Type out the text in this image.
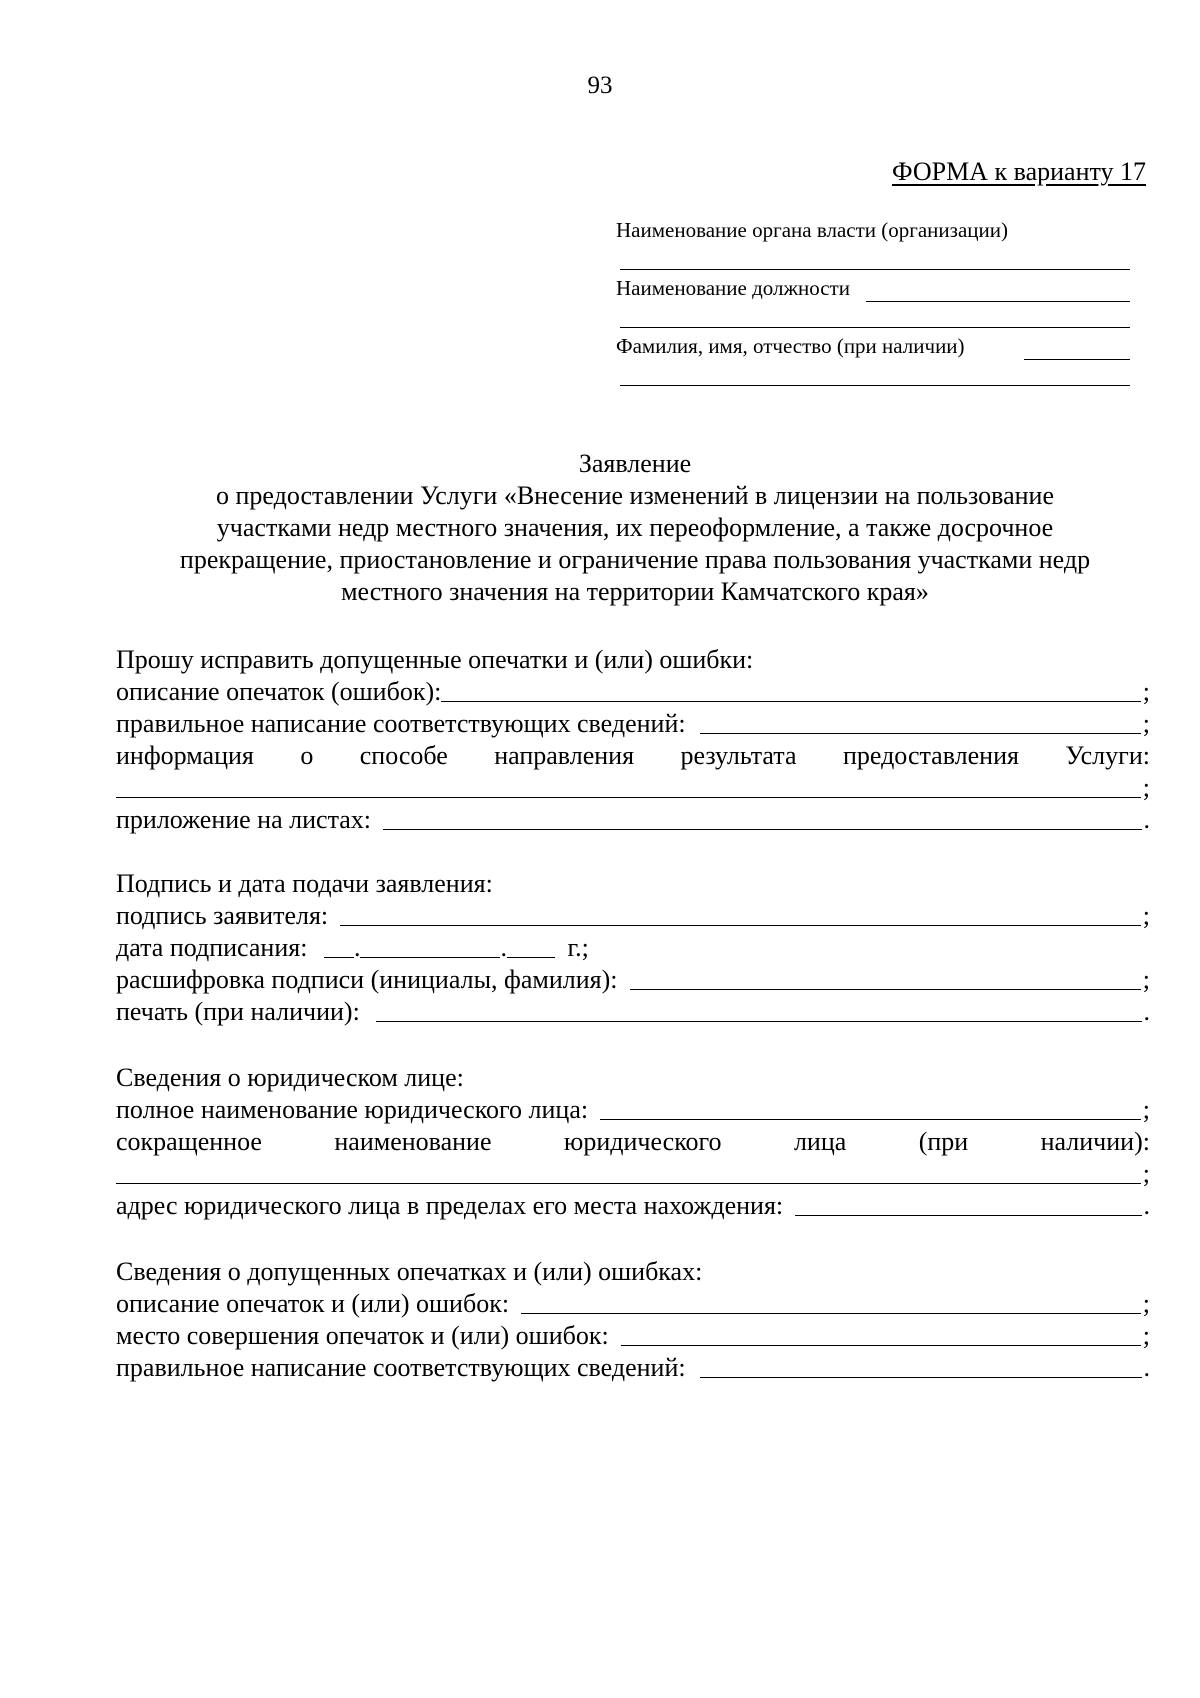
93
ФОРМА к варианту 17
Наименование органа власти (организации)
Наименование должности
Фамилия, имя, отчество (при наличии)
Заявление
о предоставлении Услуги «Внесение изменений в лицензии на пользование
участками недр местного значения, их переоформление, а также досрочное
прекращение, приостановление и ограничение права пользования участками недр
местного значения на территории Камчатского края»
Прошу исправить допущенные опечатки и (или) ошибки:
описание опечаток (ошибок):	;
правильное написание соответствующих сведений:	;
информация о способе направления результата предоставления Услуги:
;
приложение на листах:	.
Подпись и дата подачи заявления:
подпись заявителя:	;
дата подписания: .	. г.;
расшифровка подписи (инициалы, фамилия):	;
печать (при наличии):	.
Сведения о юридическом лице:
полное наименование юридического лица:	;
сокращенное	наименование	юридического	лица	(при	наличии):
;
адрес юридического лица в пределах его места нахождения:	.
Сведения о допущенных опечатках и (или) ошибках:
описание опечаток и (или) ошибок:	;
место совершения опечаток и (или) ошибок:	;
правильное написание соответствующих сведений:	.
